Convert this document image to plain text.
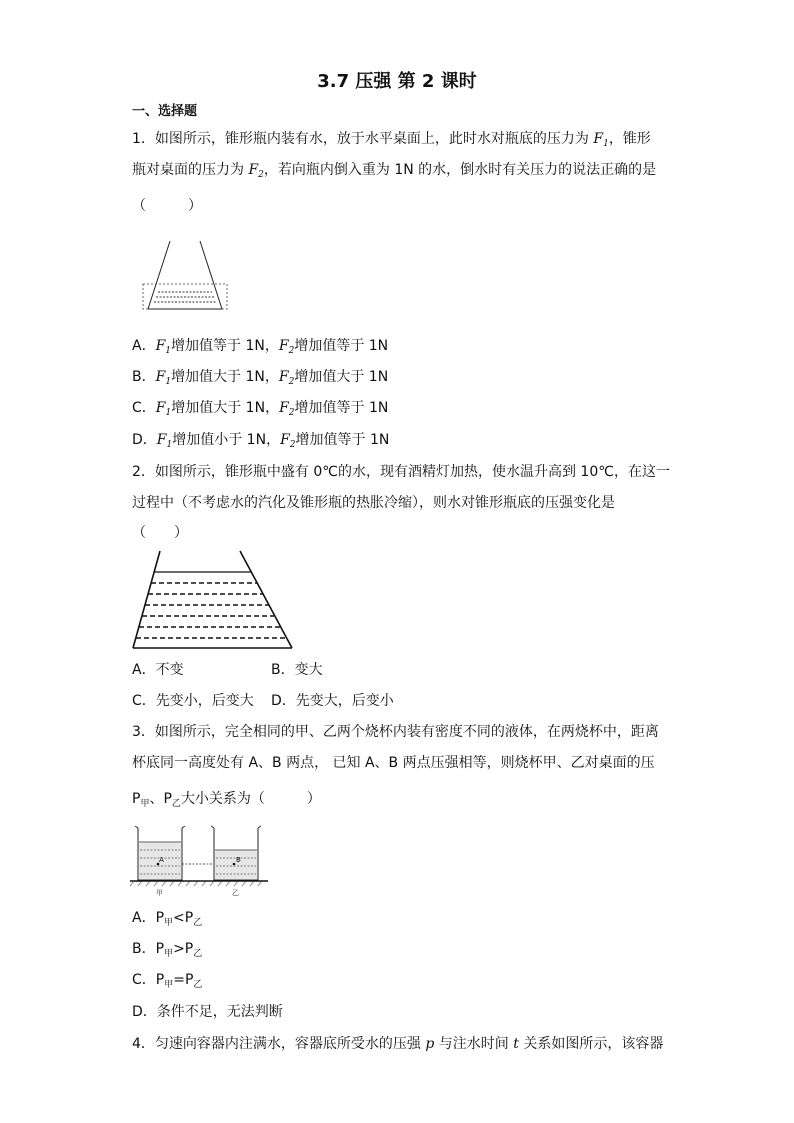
3.7 压强 第 2 课时
一、选择题
1．如图所示，锥形瓶内装有水，放于水平桌面上，此时水对瓶底的压力为 $F_1$，锥形
瓶对桌面的压力为 $F_2$，若向瓶内倒入重为 1N 的水，倒水时有关压力的说法正确的是
（　　　）
A．$F_1$增加值等于 1N，$F_2$增加值等于 1N
B．$F_1$增加值大于 1N，$F_2$增加值大于 1N
C．$F_1$增加值大于 1N，$F_2$增加值等于 1N
D．$F_1$增加值小于 1N，$F_2$增加值等于 1N
2．如图所示，锥形瓶中盛有 0℃的水，现有酒精灯加热，使水温升高到 10℃，在这一
过程中（不考虑水的汽化及锥形瓶的热胀冷缩），则水对锥形瓶底的压强变化是
（　　）
A．不变	B．变大
C．先变小，后变大 D．先变大，后变小
3．如图所示，完全相同的甲、乙两个烧杯内装有密度不同的液体，在两烧杯中，距离
杯底同一高度处有 A、B 两点， 已知 A、B 两点压强相等，则烧杯甲、乙对桌面的压
$P_甲$、$P_乙$大小关系为（　　　）
A	B
甲	乙
A．$P_甲<P_乙$
B．$P_甲>P_乙$
C．$P_甲=P_乙$
D．条件不足，无法判断
4．匀速向容器内注满水，容器底所受水的压强 p 与注水时间 t 关系如图所示，该容器
